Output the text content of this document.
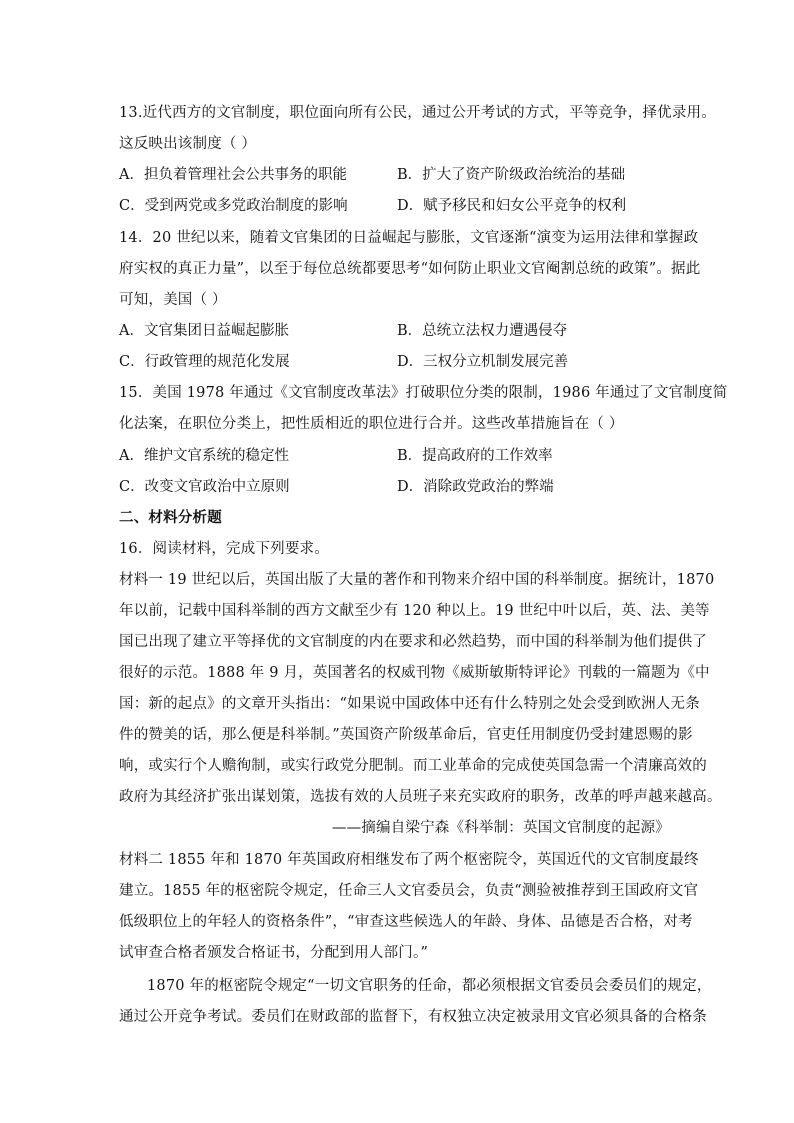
13.近代西方的文官制度，职位面向所有公民，通过公开考试的方式，平等竞争，择优录用。
这反映出该制度（ ）
A．担负着管理社会公共事务的职能	B．扩大了资产阶级政治统治的基础
C．受到两党或多党政治制度的影响	D．赋予移民和妇女公平竞争的权利
14．20 世纪以来，随着文官集团的日益崛起与膨胀，文官逐渐“演变为运用法律和掌握政
府实权的真正力量”，以至于每位总统都要思考“如何防止职业文官阉割总统的政策”。据此
可知，美国（ ）
A．文官集团日益崛起膨胀	B．总统立法权力遭遇侵夺
C．行政管理的规范化发展	D．三权分立机制发展完善
15．美国 1978 年通过《文官制度改革法》打破职位分类的限制，1986 年通过了文官制度简
化法案，在职位分类上，把性质相近的职位进行合并。这些改革措施旨在（ ）
A．维护文官系统的稳定性	B．提高政府的工作效率
C．改变文官政治中立原则	D．消除政党政治的弊端
二、材料分析题
16．阅读材料，完成下列要求。
材料一 19 世纪以后，英国出版了大量的著作和刊物来介绍中国的科举制度。据统计，1870
年以前，记载中国科举制的西方文献至少有 120 种以上。19 世纪中叶以后，英、法、美等
国已出现了建立平等择优的文官制度的内在要求和必然趋势，而中国的科举制为他们提供了
很好的示范。1888 年 9 月，英国著名的权威刊物《威斯敏斯特评论》刊载的一篇题为《中
国：新的起点》的文章开头指出：“如果说中国政体中还有什么特别之处会受到欧洲人无条
件的赞美的话，那么便是科举制。”英国资产阶级革命后，官吏任用制度仍受封建恩赐的影
响，或实行个人赡徇制，或实行政党分肥制。而工业革命的完成使英国急需一个清廉高效的
政府为其经济扩张出谋划策，选拔有效的人员班子来充实政府的职务，改革的呼声越来越高。
——摘编自梁宁森《科举制：英国文官制度的起源》
材料二 1855 年和 1870 年英国政府相继发布了两个枢密院令，英国近代的文官制度最终
建立。1855 年的枢密院令规定，任命三人文官委员会，负责“测验被推荐到王国政府文官
低级职位上的年轻人的资格条件”，“审查这些候选人的年龄、身体、品德是否合格，对考
试审查合格者颁发合格证书，分配到用人部门。”
1870 年的枢密院令规定“一切文官职务的任命，都必须根据文官委员会委员们的规定，
通过公开竞争考试。委员们在财政部的监督下，有权独立决定被录用文官必须具备的合格条
